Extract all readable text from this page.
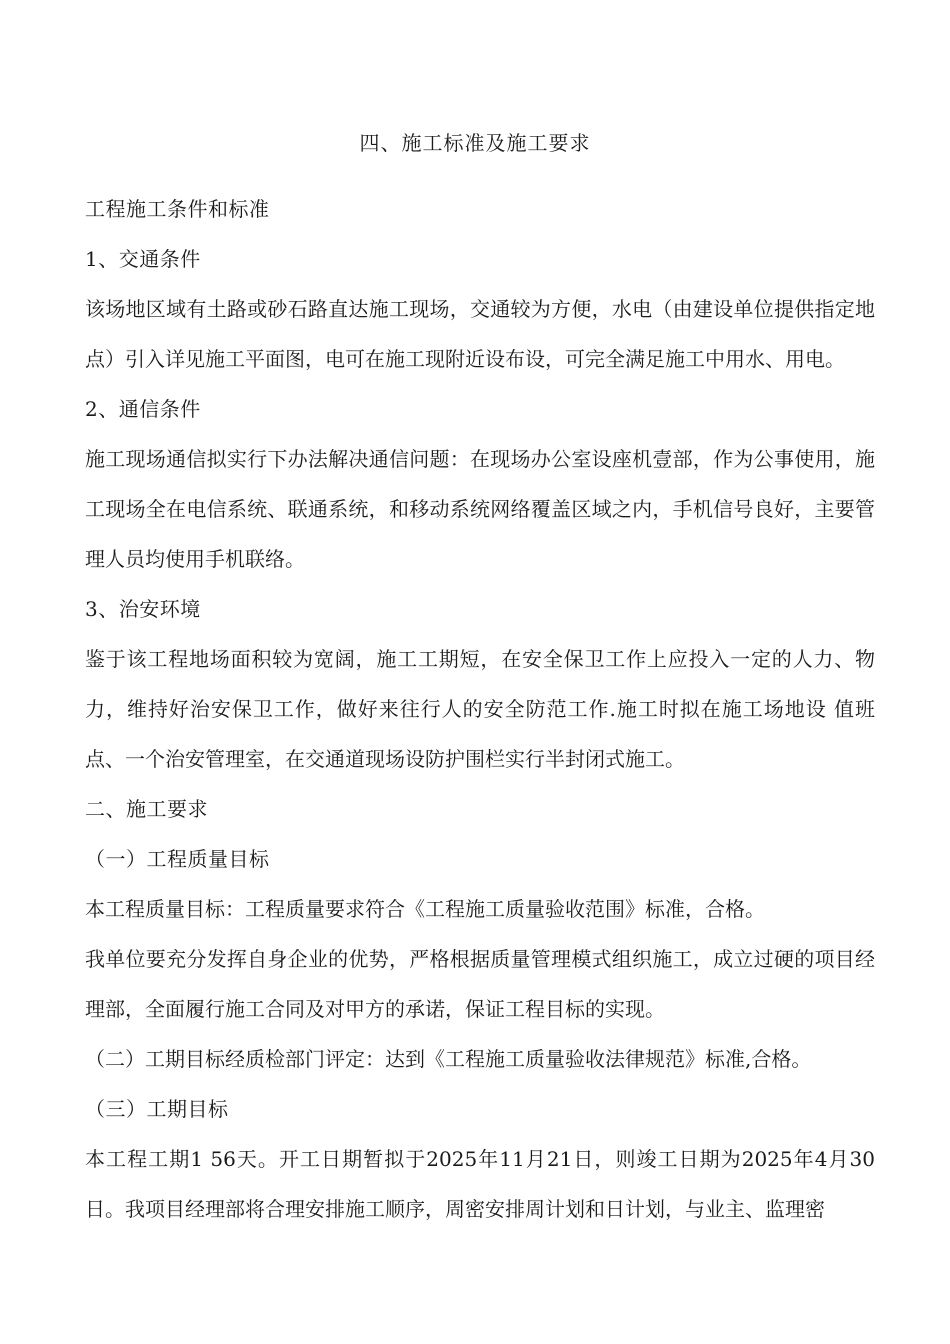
四、施工标准及施工要求

工程施工条件和标准

1、交通条件

该场地区域有土路或砂石路直达施工现场，交通较为方便，水电（由建设单位提供指定地点）引入详见施工平面图，电可在施工现附近设布设，可完全满足施工中用水、用电。

2、通信条件

施工现场通信拟实行下办法解决通信问题：在现场办公室设座机壹部，作为公事使用，施工现场全在电信系统、联通系统，和移动系统网络覆盖区域之内，手机信号良好，主要管理人员均使用手机联络。

3、治安环境

鉴于该工程地场面积较为宽阔，施工工期短，在安全保卫工作上应投入一定的人力、物力，维持好治安保卫工作，做好来往行人的安全防范工作.施工时拟在施工场地设 值班点、一个治安管理室，在交通道现场设防护围栏实行半封闭式施工。

二、施工要求

（一）工程质量目标

本工程质量目标：工程质量要求符合《工程施工质量验收范围》标准，合格。

我单位要充分发挥自身企业的优势，严格根据质量管理模式组织施工，成立过硬的项目经理部，全面履行施工合同及对甲方的承诺，保证工程目标的实现。

（二）工期目标经质检部门评定：达到《工程施工质量验收法律规范》标准,合格。

（三）工期目标

本工程工期1 56天。开工日期暂拟于2025年11月21日，则竣工日期为2025年4月30日。我项目经理部将合理安排施工顺序，周密安排周计划和日计划，与业主、监理密
